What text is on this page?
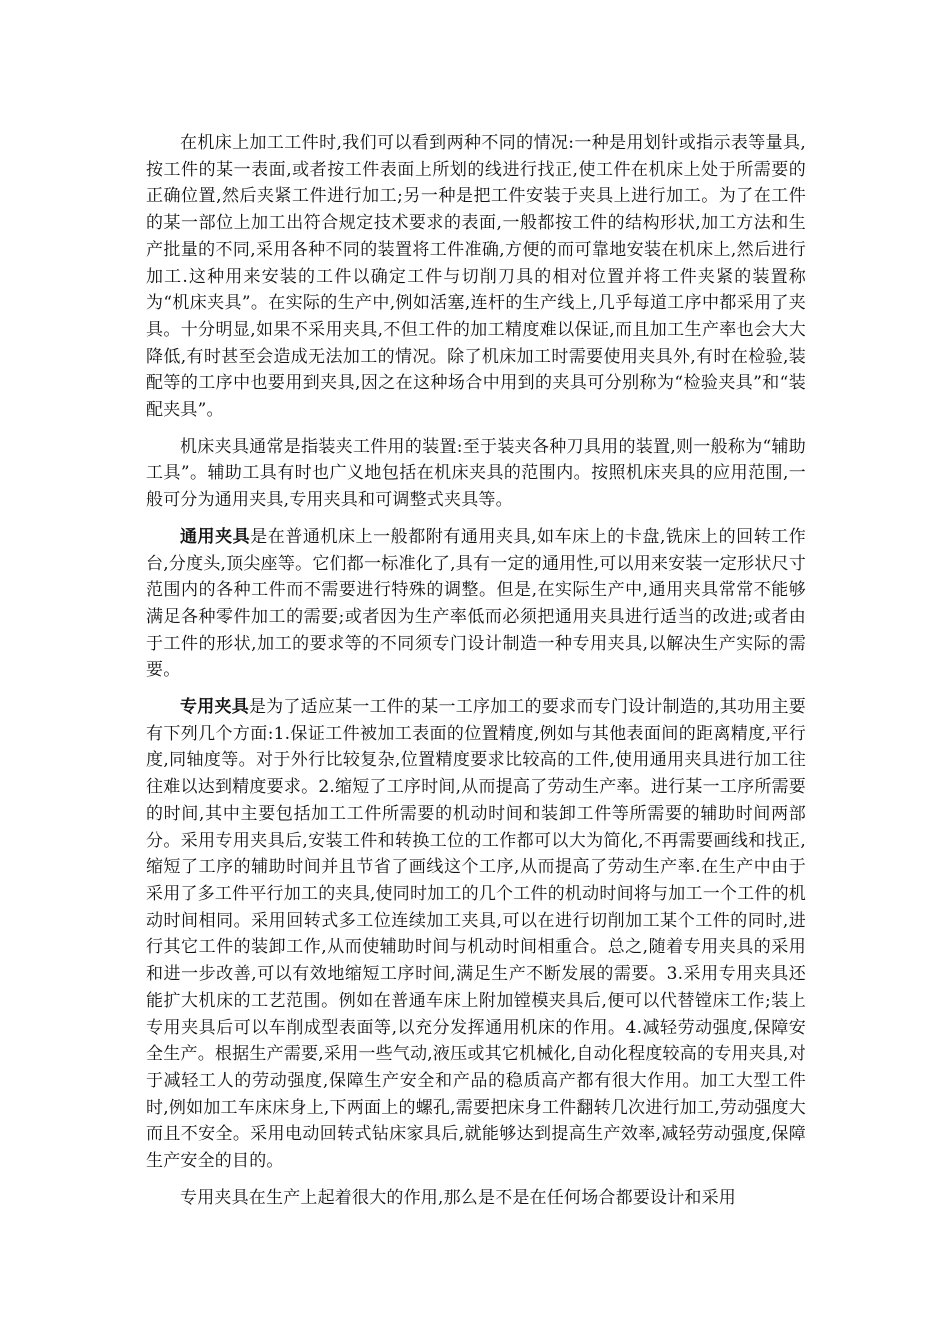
在机床上加工工件时,我们可以看到两种不同的情况:一种是用划针或指示表等量具,按工件的某一表面,或者按工件表面上所划的线进行找正,使工件在机床上处于所需要的正确位置,然后夹紧工件进行加工;另一种是把工件安装于夹具上进行加工。为了在工件的某一部位上加工出符合规定技术要求的表面,一般都按工件的结构形状,加工方法和生产批量的不同,采用各种不同的装置将工件准确,方便的而可靠地安装在机床上,然后进行加工.这种用来安装的工件以确定工件与切削刀具的相对位置并将工件夹紧的装置称为“机床夹具”。在实际的生产中,例如活塞,连杆的生产线上,几乎每道工序中都采用了夹具。十分明显,如果不采用夹具,不但工件的加工精度难以保证,而且加工生产率也会大大降低,有时甚至会造成无法加工的情况。除了机床加工时需要使用夹具外,有时在检验,装配等的工序中也要用到夹具,因之在这种场合中用到的夹具可分别称为“检验夹具”和“装配夹具”。

机床夹具通常是指装夹工件用的装置:至于装夹各种刀具用的装置,则一般称为“辅助工具”。辅助工具有时也广义地包括在机床夹具的范围内。按照机床夹具的应用范围,一般可分为通用夹具,专用夹具和可调整式夹具等。

通用夹具是在普通机床上一般都附有通用夹具,如车床上的卡盘,铣床上的回转工作台,分度头,顶尖座等。它们都一标准化了,具有一定的通用性,可以用来安装一定形状尺寸范围内的各种工件而不需要进行特殊的调整。但是,在实际生产中,通用夹具常常不能够满足各种零件加工的需要;或者因为生产率低而必须把通用夹具进行适当的改进;或者由于工件的形状,加工的要求等的不同须专门设计制造一种专用夹具,以解决生产实际的需要。

专用夹具是为了适应某一工件的某一工序加工的要求而专门设计制造的,其功用主要有下列几个方面:1.保证工件被加工表面的位置精度,例如与其他表面间的距离精度,平行度,同轴度等。对于外行比较复杂,位置精度要求比较高的工件,使用通用夹具进行加工往往难以达到精度要求。2.缩短了工序时间,从而提高了劳动生产率。进行某一工序所需要的时间,其中主要包括加工工件所需要的机动时间和装卸工件等所需要的辅助时间两部分。采用专用夹具后,安装工件和转换工位的工作都可以大为简化,不再需要画线和找正,缩短了工序的辅助时间并且节省了画线这个工序,从而提高了劳动生产率.在生产中由于采用了多工件平行加工的夹具,使同时加工的几个工件的机动时间将与加工一个工件的机动时间相同。采用回转式多工位连续加工夹具,可以在进行切削加工某个工件的同时,进行其它工件的装卸工作,从而使辅助时间与机动时间相重合。总之,随着专用夹具的采用和进一步改善,可以有效地缩短工序时间,满足生产不断发展的需要。3.采用专用夹具还能扩大机床的工艺范围。例如在普通车床上附加镗模夹具后,便可以代替镗床工作;装上专用夹具后可以车削成型表面等,以充分发挥通用机床的作用。4.减轻劳动强度,保障安全生产。根据生产需要,采用一些气动,液压或其它机械化,自动化程度较高的专用夹具,对于减轻工人的劳动强度,保障生产安全和产品的稳质高产都有很大作用。加工大型工件时,例如加工车床床身上,下两面上的螺孔,需要把床身工件翻转几次进行加工,劳动强度大而且不安全。采用电动回转式钻床家具后,就能够达到提高生产效率,减轻劳动强度,保障生产安全的目的。

专用夹具在生产上起着很大的作用,那么是不是在任何场合都要设计和采用
